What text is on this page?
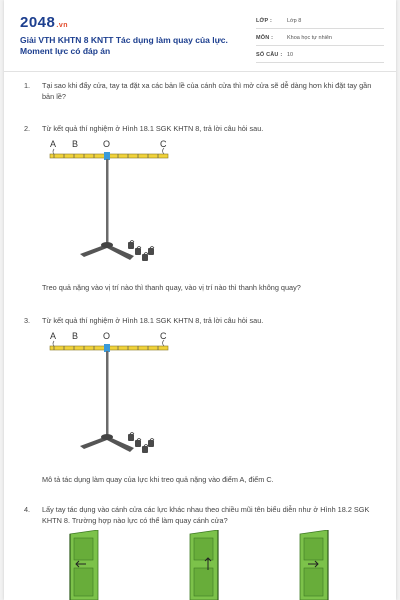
2048.vn
Giải VTH KHTN 8 KNTT Tác dụng làm quay của lực. Moment lực có đáp án
LỚP :	Lớp 8
MÔN :	Khoa học tự nhiên
SỐ CÂU : 10
1. Tại sao khi đẩy cửa, tay ta đặt xa các bản lề của cánh cửa thì mở cửa sẽ dễ dàng hơn khi đặt tay gần bản lề?
2. Từ kết quả thí nghiệm ở Hình 18.1 SGK KHTN 8, trả lời câu hỏi sau.
A B	O	C
Treo quả nặng vào vị trí nào thì thanh quay, vào vị trí nào thì thanh không quay?
3. Từ kết quả thí nghiệm ở Hình 18.1 SGK KHTN 8, trả lời câu hỏi sau.
A B	O	C
Mô tả tác dụng làm quay của lực khi treo quả nặng vào điểm A, điểm C.
4. Lấy tay tác dụng vào cánh cửa các lực khác nhau theo chiều mũi tên biểu diễn như ở Hình 18.2 SGK KHTN 8. Trường hợp nào lực có thể làm quay cánh cửa?
